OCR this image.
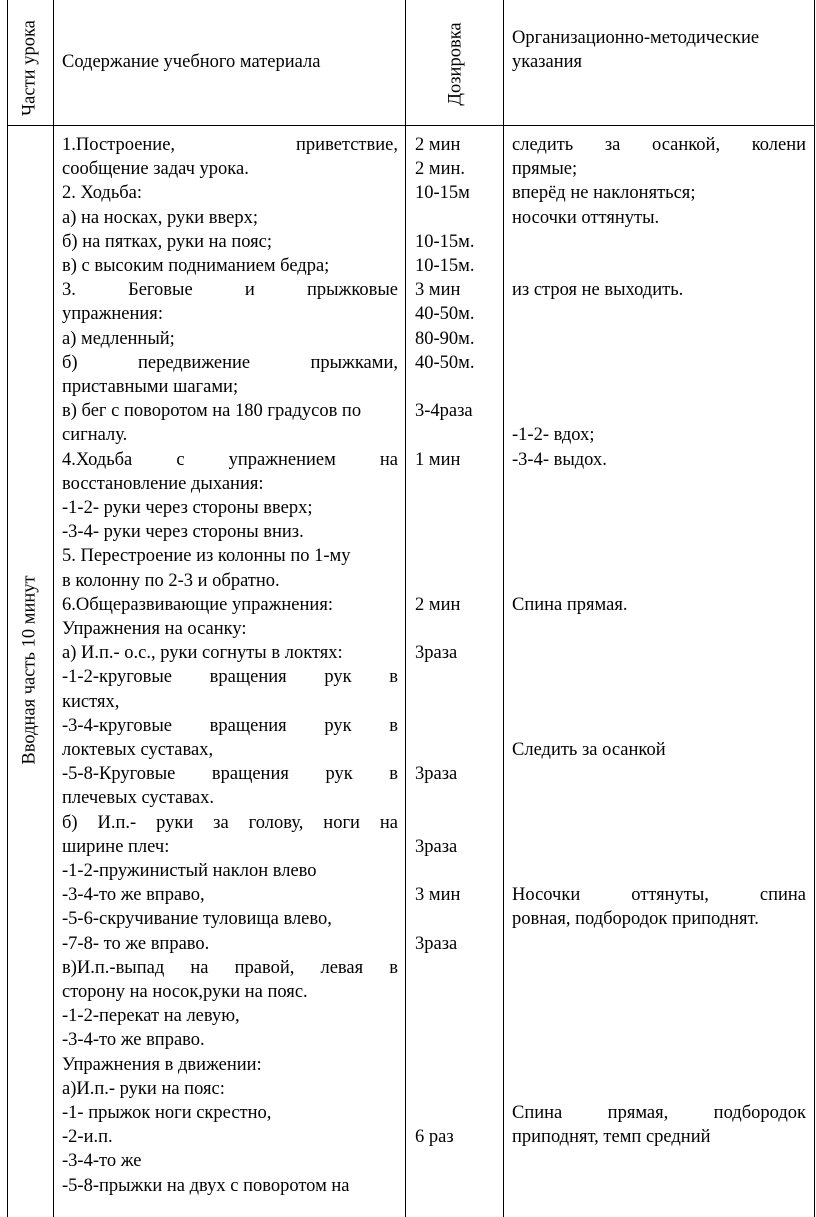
Части урока Содержание учебного материала	Дозировка	Организационно-методические указания
Вводная часть 10 минут
1.Построение, приветствие,
сообщение задач урока.
2. Ходьба:
а) на носках, руки вверх;
б) на пятках, руки на пояс;
в) с высоким подниманием бедра;
3. Беговые и прыжковые
упражнения:
а) медленный;
б) передвижение прыжками,
приставными шагами;
в) бег с поворотом на 180 градусов по
сигналу.
4.Ходьба с упражнением на
восстановление дыхания:
-1-2- руки через стороны вверх;
-3-4- руки через стороны вниз.
5. Перестроение из колонны по 1-му
в колонну по 2-3 и обратно.
6.Общеразвивающие упражнения:
Упражнения на осанку:
а) И.п.- о.с., руки согнуты в локтях:
-1-2-круговые вращения рук в
кистях,
-3-4-круговые вращения рук в
локтевых суставах,
-5-8-Круговые вращения рук в
плечевых суставах.
б) И.п.- руки за голову, ноги на
ширине плеч:
-1-2-пружинистый наклон влево
-3-4-то же вправо,
-5-6-скручивание туловища влево,
-7-8- то же вправо.
в)И.п.-выпад на правой, левая в
сторону на носок,руки на пояс.
-1-2-перекат на левую,
-3-4-то же вправо.
Упражнения в движении:
а)И.п.- руки на пояс:
-1- прыжок ноги скрестно,
-2-и.п.
-3-4-то же
-5-8-прыжки на двух с поворотом на
2 мин
2 мин.
10-15м
10-15м.
10-15м.
3 мин
40-50м.
80-90м.
40-50м.
3-4раза
1 мин
2 мин
3раза
3раза
3раза
3 мин
3раза
6 раз
следить за осанкой, колени
прямые;
вперёд не наклоняться;
носочки оттянуты.
из строя не выходить.
-1-2- вдох;
-3-4- выдох.
Спина прямая.
Следить за осанкой
Носочки оттянуты, спина
ровная, подбородок приподнят.
Спина прямая, подбородок
приподнят, темп средний
